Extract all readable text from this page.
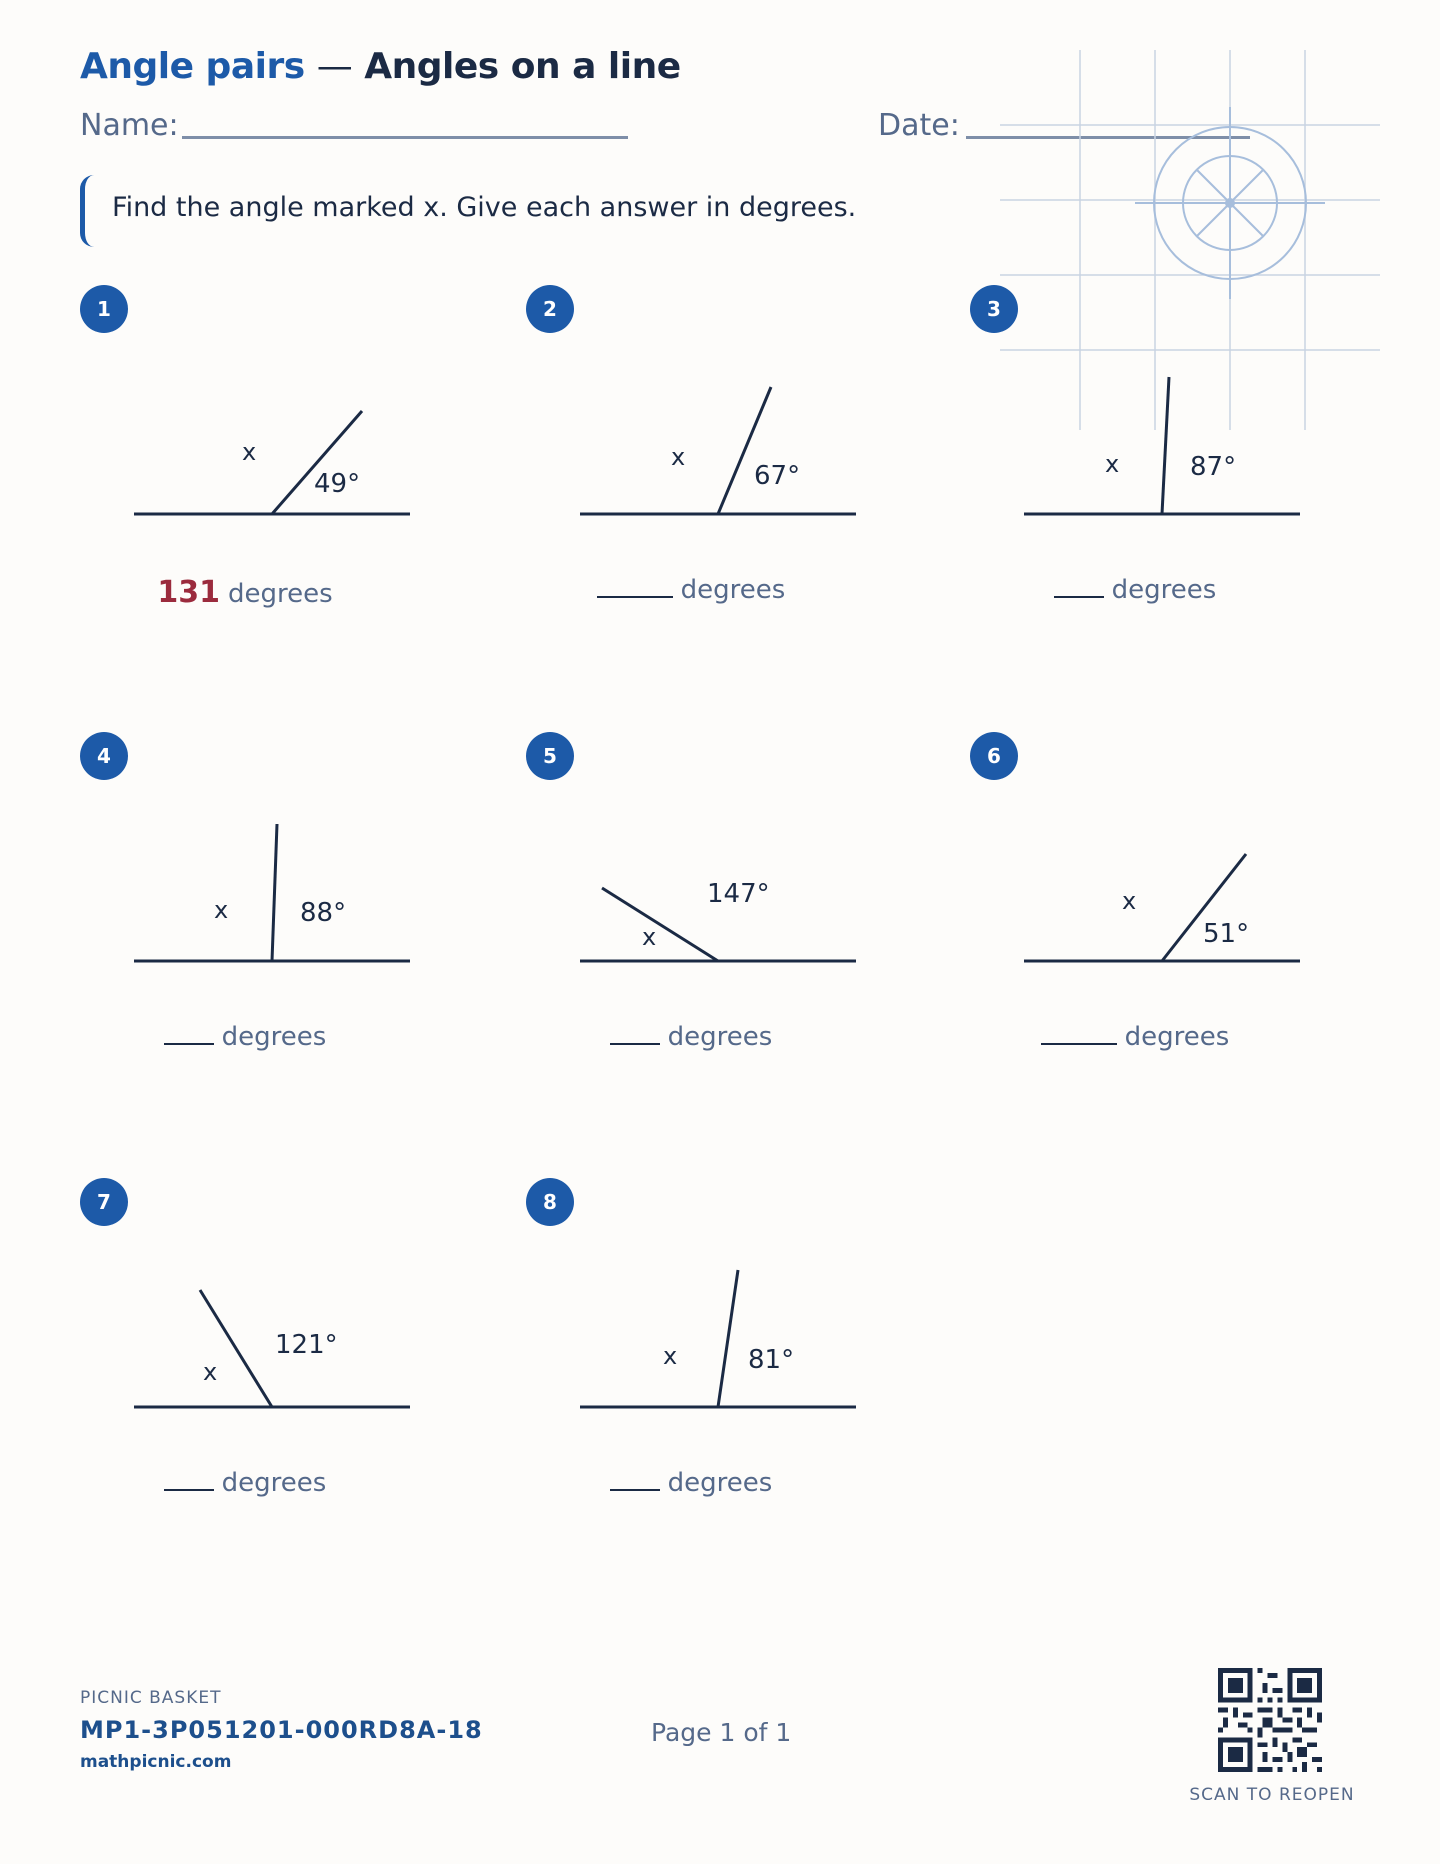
Angle pairs — Angles on a line
Name:	Date:
Find the angle marked x. Give each answer in degrees.
x
49°
1
131 degrees
x
67°
2
degrees
x	87°
3
degrees
x	88°
4
degrees
x
147°
5
degrees
x
51°
6
degrees
x
121°
7
degrees
x	81°
8
degrees
PICNIC BASKET
MP1-3P051201-000RD8A-18
mathpicnic.com
Page 1 of 1
SCAN TO REOPEN
